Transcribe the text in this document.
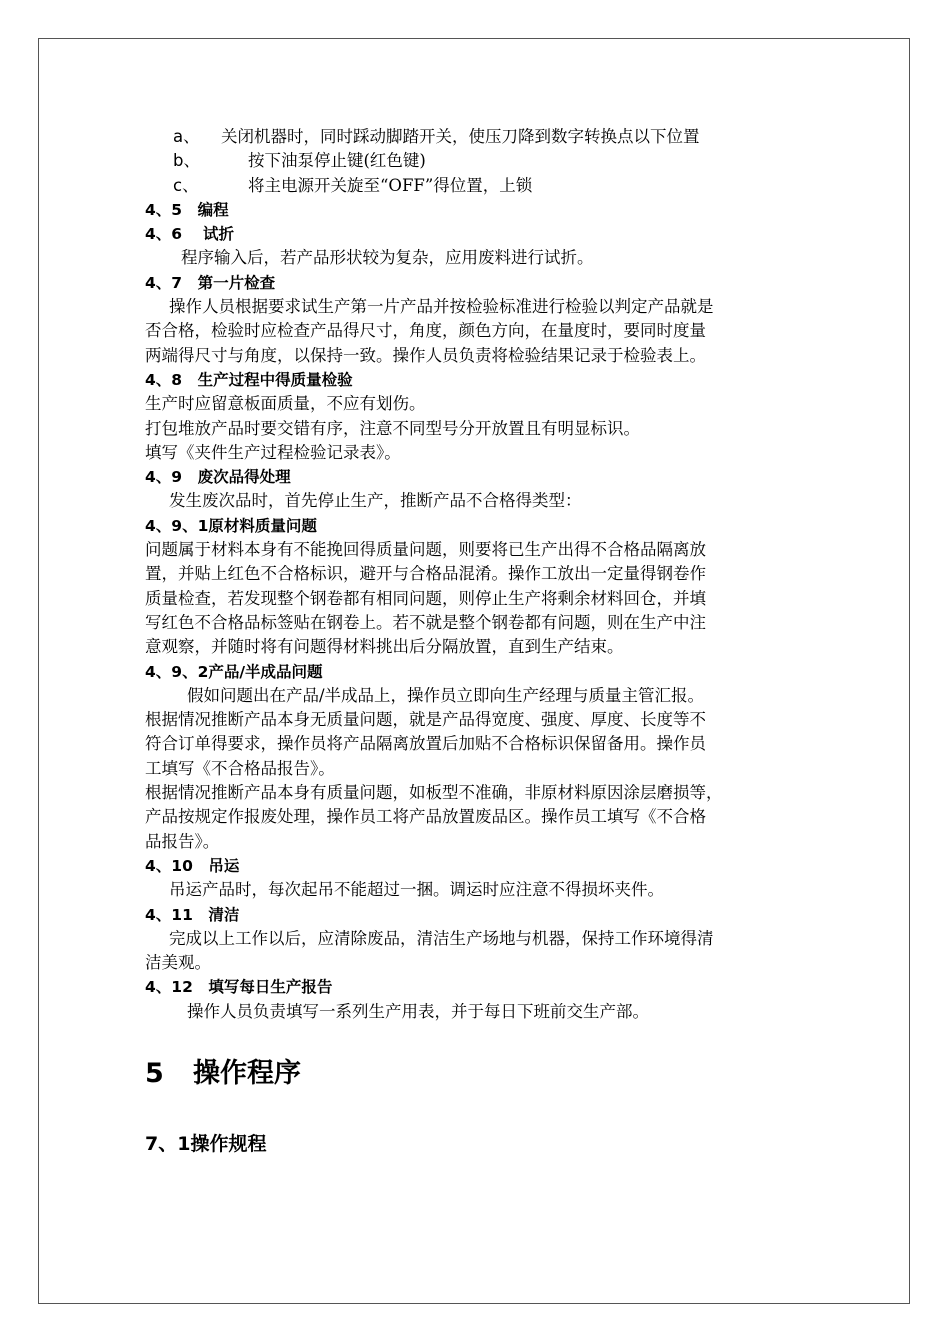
a、 关闭机器时，同时踩动脚踏开关，使压刀降到数字转换点以下位置

b、	按下油泵停止键(红色键)

c、	将主电源开关旋至“OFF”得位置，上锁

4、5　编程

4、6　 试折

程序输入后，若产品形状较为复杂，应用废料进行试折。

4、7　第一片检查

操作人员根据要求试生产第一片产品并按检验标准进行检验以判定产品就是

否合格，检验时应检查产品得尺寸，角度，颜色方向，在量度时，要同时度量

两端得尺寸与角度，以保持一致。操作人员负责将检验结果记录于检验表上。

4、8　生产过程中得质量检验

生产时应留意板面质量，不应有划伤。

打包堆放产品时要交错有序，注意不同型号分开放置且有明显标识。

填写《夹件生产过程检验记录表》。

4、9　废次品得处理

发生废次品时，首先停止生产，推断产品不合格得类型：

4、9、1原材料质量问题

问题属于材料本身有不能挽回得质量问题，则要将已生产出得不合格品隔离放

置，并贴上红色不合格标识，避开与合格品混淆。操作工放出一定量得钢卷作

质量检查，若发现整个钢卷都有相同问题，则停止生产将剩余材料回仓，并填

写红色不合格品标签贴在钢卷上。若不就是整个钢卷都有问题，则在生产中注

意观察，并随时将有问题得材料挑出后分隔放置，直到生产结束。

4、9、2产品/半成品问题

假如问题出在产品/半成品上，操作员立即向生产经理与质量主管汇报。

根据情况推断产品本身无质量问题，就是产品得宽度、强度、厚度、长度等不

符合订单得要求，操作员将产品隔离放置后加贴不合格标识保留备用。操作员

工填写《不合格品报告》。

根据情况推断产品本身有质量问题，如板型不准确，非原材料原因涂层磨损等，

产品按规定作报废处理，操作员工将产品放置废品区。操作员工填写《不合格

品报告》。

4、10　吊运

吊运产品时，每次起吊不能超过一捆。调运时应注意不得损坏夹件。

4、11　清洁

完成以上工作以后，应清除废品，清洁生产场地与机器，保持工作环境得清

洁美观。

4、12　填写每日生产报告

操作人员负责填写一系列生产用表，并于每日下班前交生产部。

5 操作程序

7、1操作规程
